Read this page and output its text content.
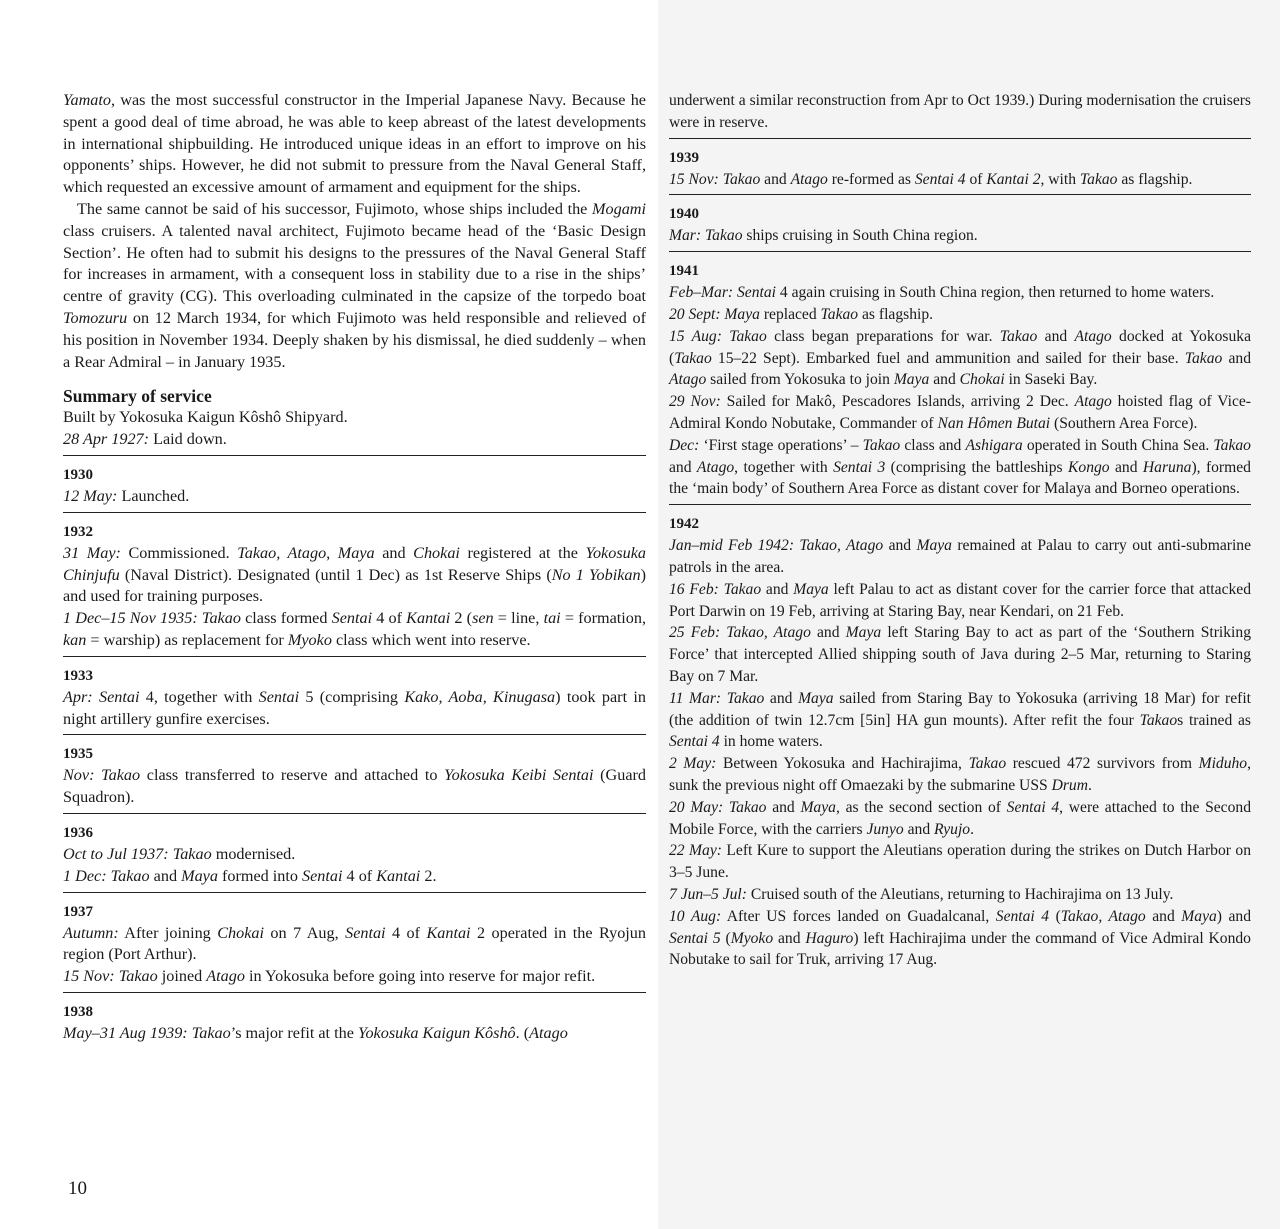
Yamato, was the most successful constructor in the Imperial Japanese Navy. Because he spent a good deal of time abroad, he was able to keep abreast of the latest developments in international shipbuilding. He introduced unique ideas in an effort to improve on his opponents’ ships. However, he did not submit to pressure from the Naval General Staff, which requested an excessive amount of armament and equipment for the ships.

The same cannot be said of his successor, Fujimoto, whose ships included the Mogami class cruisers. A talented naval architect, Fujimoto became head of the ‘Basic Design Section’. He often had to submit his designs to the pressures of the Naval General Staff for increases in armament, with a consequent loss in stability due to a rise in the ships’ centre of gravity (CG). This overloading culminated in the capsize of the torpedo boat Tomozuru on 12 March 1934, for which Fujimoto was held responsible and relieved of his position in November 1934. Deeply shaken by his dismissal, he died suddenly – when a Rear Admiral – in January 1935.

Summary of service

Built by Yokosuka Kaigun Kôshô Shipyard.

28 Apr 1927: Laid down.

1930

12 May: Launched.

1932

31 May: Commissioned. Takao, Atago, Maya and Chokai registered at the Yokosuka Chinjufu (Naval District). Designated (until 1 Dec) as 1st Reserve Ships (No 1 Yobikan) and used for training purposes.

1 Dec–15 Nov 1935: Takao class formed Sentai 4 of Kantai 2 (sen = line, tai = formation, kan = warship) as replacement for Myoko class which went into reserve.

1933

Apr: Sentai 4, together with Sentai 5 (comprising Kako, Aoba, Kinugasa) took part in night artillery gunfire exercises.

1935

Nov: Takao class transferred to reserve and attached to Yokosuka Keibi Sentai (Guard Squadron).

1936

Oct to Jul 1937: Takao modernised.

1 Dec: Takao and Maya formed into Sentai 4 of Kantai 2.

1937

Autumn: After joining Chokai on 7 Aug, Sentai 4 of Kantai 2 operated in the Ryojun region (Port Arthur).

15 Nov: Takao joined Atago in Yokosuka before going into reserve for major refit.

1938

May–31 Aug 1939: Takao’s major refit at the Yokosuka Kaigun Kôshô. (Atago

underwent a similar reconstruction from Apr to Oct 1939.) During modernisation the cruisers were in reserve.

1939

15 Nov: Takao and Atago re-formed as Sentai 4 of Kantai 2, with Takao as flagship.

1940

Mar: Takao ships cruising in South China region.

1941

Feb–Mar: Sentai 4 again cruising in South China region, then returned to home waters.

20 Sept: Maya replaced Takao as flagship.

15 Aug: Takao class began preparations for war. Takao and Atago docked at Yokosuka (Takao 15–22 Sept). Embarked fuel and ammunition and sailed for their base. Takao and Atago sailed from Yokosuka to join Maya and Chokai in Saseki Bay.

29 Nov: Sailed for Makô, Pescadores Islands, arriving 2 Dec. Atago hoisted flag of Vice-Admiral Kondo Nobutake, Commander of Nan Hômen Butai (Southern Area Force).

Dec: ‘First stage operations’ – Takao class and Ashigara operated in South China Sea. Takao and Atago, together with Sentai 3 (comprising the battleships Kongo and Haruna), formed the ‘main body’ of Southern Area Force as distant cover for Malaya and Borneo operations.

1942

Jan–mid Feb 1942: Takao, Atago and Maya remained at Palau to carry out anti-submarine patrols in the area.

16 Feb: Takao and Maya left Palau to act as distant cover for the carrier force that attacked Port Darwin on 19 Feb, arriving at Staring Bay, near Kendari, on 21 Feb.

25 Feb: Takao, Atago and Maya left Staring Bay to act as part of the ‘Southern Striking Force’ that intercepted Allied shipping south of Java during 2–5 Mar, returning to Staring Bay on 7 Mar.

11 Mar: Takao and Maya sailed from Staring Bay to Yokosuka (arriving 18 Mar) for refit (the addition of twin 12.7cm [5in] HA gun mounts). After refit the four Takaos trained as Sentai 4 in home waters.

2 May: Between Yokosuka and Hachirajima, Takao rescued 472 survivors from Miduho, sunk the previous night off Omaezaki by the submarine USS Drum.

20 May: Takao and Maya, as the second section of Sentai 4, were attached to the Second Mobile Force, with the carriers Junyo and Ryujo.

22 May: Left Kure to support the Aleutians operation during the strikes on Dutch Harbor on 3–5 June.

7 Jun–5 Jul: Cruised south of the Aleutians, returning to Hachirajima on 13 July.

10 Aug: After US forces landed on Guadalcanal, Sentai 4 (Takao, Atago and Maya) and Sentai 5 (Myoko and Haguro) left Hachirajima under the command of Vice Admiral Kondo Nobutake to sail for Truk, arriving 17 Aug.

10
